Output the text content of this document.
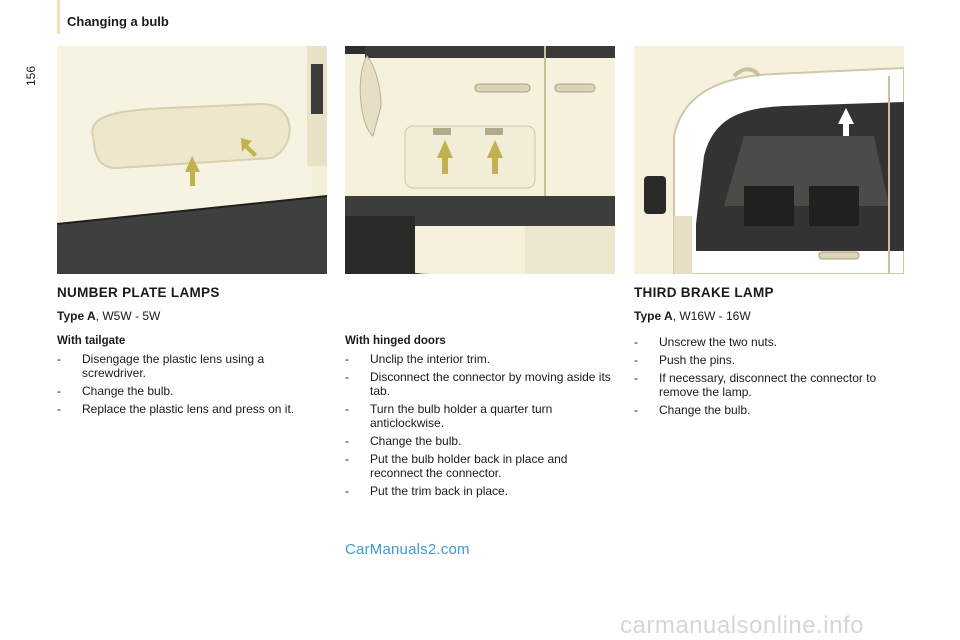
Changing a bulb
156
NUMBER PLATE LAMPS
Type A, W5W - 5W
With tailgate
- Disengage the plastic lens using a screwdriver.
- Change the bulb.
- Replace the plastic lens and press on it.
With hinged doors
- Unclip the interior trim.
- Disconnect the connector by moving aside its tab.
- Turn the bulb holder a quarter turn anticlockwise.
- Change the bulb.
- Put the bulb holder back in place and reconnect the connector.
- Put the trim back in place.
THIRD BRAKE LAMP
Type A, W16W - 16W
- Unscrew the two nuts.
- Push the pins.
- If necessary, disconnect the connector to remove the lamp.
- Change the bulb.
CarManuals2.com
carmanualsonline.info
